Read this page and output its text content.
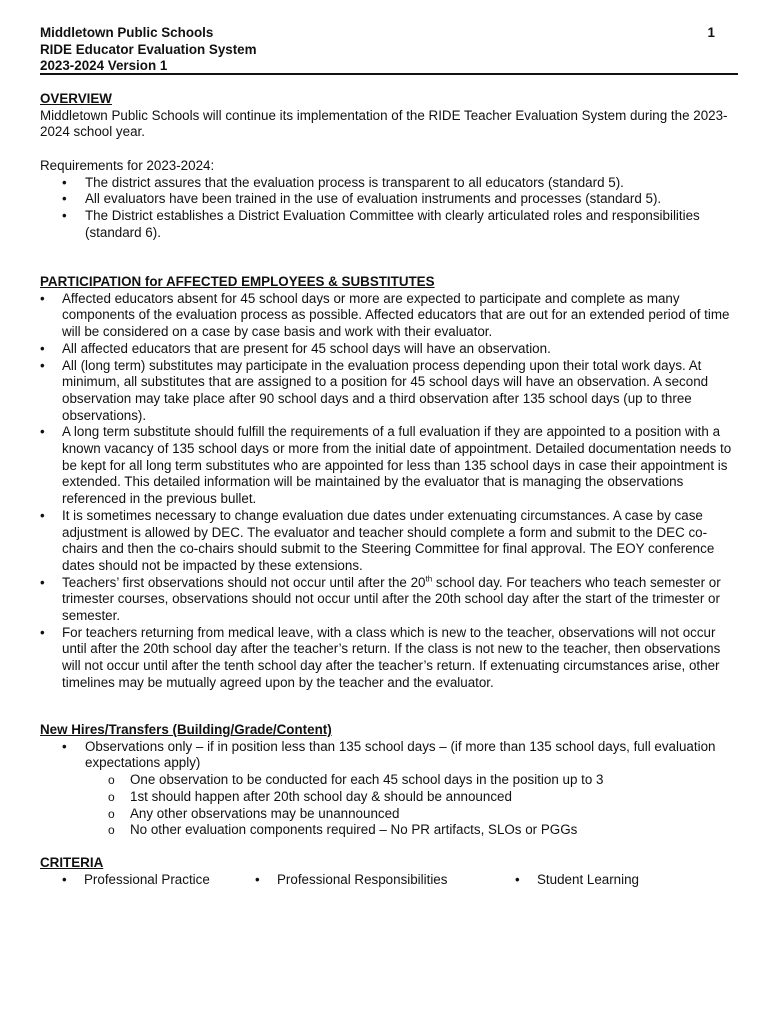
Middletown Public Schools
RIDE Educator Evaluation System
2023-2024 Version 1
1
OVERVIEW

Middletown Public Schools will continue its implementation of the RIDE Teacher Evaluation System during the 2023-2024 school year.

Requirements for 2023-2024:

• The district assures that the evaluation process is transparent to all educators (standard 5).
• All evaluators have been trained in the use of evaluation instruments and processes (standard 5).
• The District establishes a District Evaluation Committee with clearly articulated roles and responsibilities (standard 6).
PARTICIPATION for AFFECTED EMPLOYEES & SUBSTITUTES
• Affected educators absent for 45 school days or more are expected to participate and complete as many components of the evaluation process as possible. Affected educators that are out for an extended period of time will be considered on a case by case basis and work with their evaluator.
• All affected educators that are present for 45 school days will have an observation.
• All (long term) substitutes may participate in the evaluation process depending upon their total work days. At minimum, all substitutes that are assigned to a position for 45 school days will have an observation. A second observation may take place after 90 school days and a third observation after 135 school days (up to three observations).
• A long term substitute should fulfill the requirements of a full evaluation if they are appointed to a position with a known vacancy of 135 school days or more from the initial date of appointment. Detailed documentation needs to be kept for all long term substitutes who are appointed for less than 135 school days in case their appointment is extended. This detailed information will be maintained by the evaluator that is managing the observations referenced in the previous bullet.
• It is sometimes necessary to change evaluation due dates under extenuating circumstances. A case by case adjustment is allowed by DEC. The evaluator and teacher should complete a form and submit to the DEC co-chairs and then the co-chairs should submit to the Steering Committee for final approval. The EOY conference dates should not be impacted by these extensions.
• Teachers’ first observations should not occur until after the 20th school day. For teachers who teach semester or trimester courses, observations should not occur until after the 20th school day after the start of the trimester or semester.
• For teachers returning from medical leave, with a class which is new to the teacher, observations will not occur until after the 20th school day after the teacher’s return. If the class is not new to the teacher, then observations will not occur until after the tenth school day after the teacher’s return. If extenuating circumstances arise, other timelines may be mutually agreed upon by the teacher and the evaluator.
New Hires/Transfers (Building/Grade/Content)
• Observations only – if in position less than 135 school days – (if more than 135 school days, full evaluation expectations apply)
o One observation to be conducted for each 45 school days in the position up to 3
o 1st should happen after 20th school day & should be announced
o Any other observations may be unannounced
o No other evaluation components required – No PR artifacts, SLOs or PGGs
CRITERIA
• Professional Practice	• Professional Responsibilities	• Student Learning
